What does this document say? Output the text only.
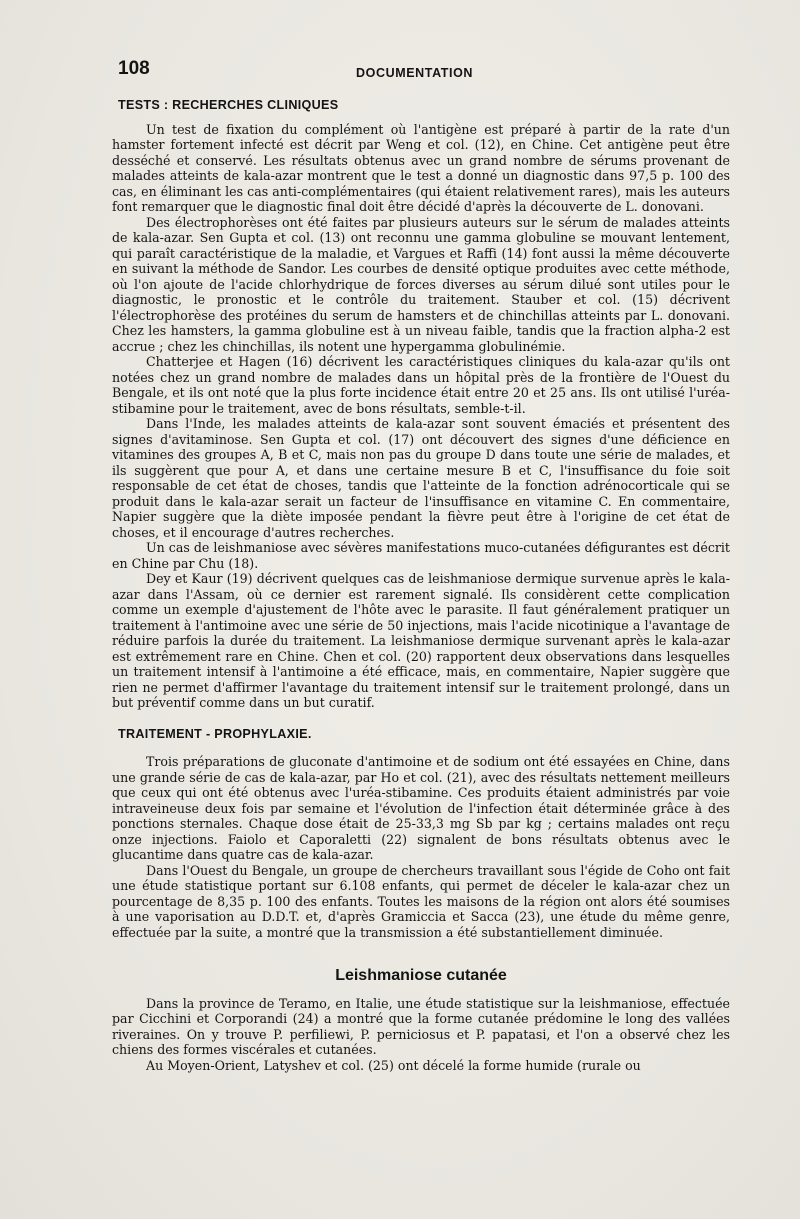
108	DOCUMENTATION
TESTS : RECHERCHES CLINIQUES

Un test de fixation du complément où l'antigène est préparé à partir de la rate d'un hamster fortement infecté est décrit par Weng et col. (12), en Chine. Cet antigène peut être desséché et conservé. Les résultats obtenus avec un grand nombre de sérums provenant de malades atteints de kala-azar montrent que le test a donné un diagnostic dans 97,5 p. 100 des cas, en éliminant les cas anti-complémentaires (qui étaient relativement rares), mais les auteurs font remarquer que le diagnostic final doit être décidé d'après la découverte de L. donovani.

Des électrophorèses ont été faites par plusieurs auteurs sur le sérum de malades atteints de kala-azar. Sen Gupta et col. (13) ont reconnu une gamma globuline se mouvant lentement, qui paraît caractéristique de la maladie, et Vargues et Raffi (14) font aussi la même découverte en suivant la méthode de Sandor. Les courbes de densité optique produites avec cette méthode, où l'on ajoute de l'acide chlorhydrique de forces diverses au sérum dilué sont utiles pour le diagnostic, le pronostic et le contrôle du traitement. Stauber et col. (15) décrivent l'électrophorèse des protéines du serum de hamsters et de chinchillas atteints par L. donovani. Chez les hamsters, la gamma globuline est à un niveau faible, tandis que la fraction alpha-2 est accrue ; chez les chinchillas, ils notent une hypergamma globulinémie.

Chatterjee et Hagen (16) décrivent les caractéristiques cliniques du kala-azar qu'ils ont notées chez un grand nombre de malades dans un hôpital près de la frontière de l'Ouest du Bengale, et ils ont noté que la plus forte incidence était entre 20 et 25 ans. Ils ont utilisé l'uréa-stibamine pour le traitement, avec de bons résultats, semble-t-il.

Dans l'Inde, les malades atteints de kala-azar sont souvent émaciés et présentent des signes d'avitaminose. Sen Gupta et col. (17) ont découvert des signes d'une déficience en vitamines des groupes A, B et C, mais non pas du groupe D dans toute une série de malades, et ils suggèrent que pour A, et dans une certaine mesure B et C, l'insuffisance du foie soit responsable de cet état de choses, tandis que l'atteinte de la fonction adrénocorticale qui se produit dans le kala-azar serait un facteur de l'insuffisance en vitamine C. En commentaire, Napier suggère que la diète imposée pendant la fièvre peut être à l'origine de cet état de choses, et il encourage d'autres recherches.

Un cas de leishmaniose avec sévères manifestations muco-cutanées défigurantes est décrit en Chine par Chu (18).

Dey et Kaur (19) décrivent quelques cas de leishmaniose dermique survenue après le kala-azar dans l'Assam, où ce dernier est rarement signalé. Ils considèrent cette complication comme un exemple d'ajustement de l'hôte avec le parasite. Il faut généralement pratiquer un traitement à l'antimoine avec une série de 50 injections, mais l'acide nicotinique a l'avantage de réduire parfois la durée du traitement. La leishmaniose dermique survenant après le kala-azar est extrêmement rare en Chine. Chen et col. (20) rapportent deux observations dans lesquelles un traitement intensif à l'antimoine a été efficace, mais, en commentaire, Napier suggère que rien ne permet d'affirmer l'avantage du traitement intensif sur le traitement prolongé, dans un but préventif comme dans un but curatif.

TRAITEMENT - PROPHYLAXIE.

Trois préparations de gluconate d'antimoine et de sodium ont été essayées en Chine, dans une grande série de cas de kala-azar, par Ho et col. (21), avec des résultats nettement meilleurs que ceux qui ont été obtenus avec l'uréa-stibamine. Ces produits étaient administrés par voie intraveineuse deux fois par semaine et l'évolution de l'infection était déterminée grâce à des ponctions sternales. Chaque dose était de 25-33,3 mg Sb par kg ; certains malades ont reçu onze injections. Faiolo et Caporaletti (22) signalent de bons résultats obtenus avec le glucantime dans quatre cas de kala-azar.

Dans l'Ouest du Bengale, un groupe de chercheurs travaillant sous l'égide de Coho ont fait une étude statistique portant sur 6.108 enfants, qui permet de déceler le kala-azar chez un pourcentage de 8,35 p. 100 des enfants. Toutes les maisons de la région ont alors été soumises à une vaporisation au D.D.T. et, d'après Gramiccia et Sacca (23), une étude du même genre, effectuée par la suite, a montré que la transmission a été substantiellement diminuée.

Leishmaniose cutanée

Dans la province de Teramo, en Italie, une étude statistique sur la leishmaniose, effectuée par Cicchini et Corporandi (24) a montré que la forme cutanée prédomine le long des vallées riveraines. On y trouve P. perfiliewi, P. perniciosus et P. papatasi, et l'on a observé chez les chiens des formes viscérales et cutanées.

Au Moyen-Orient, Latyshev et col. (25) ont décelé la forme humide (rurale ou
